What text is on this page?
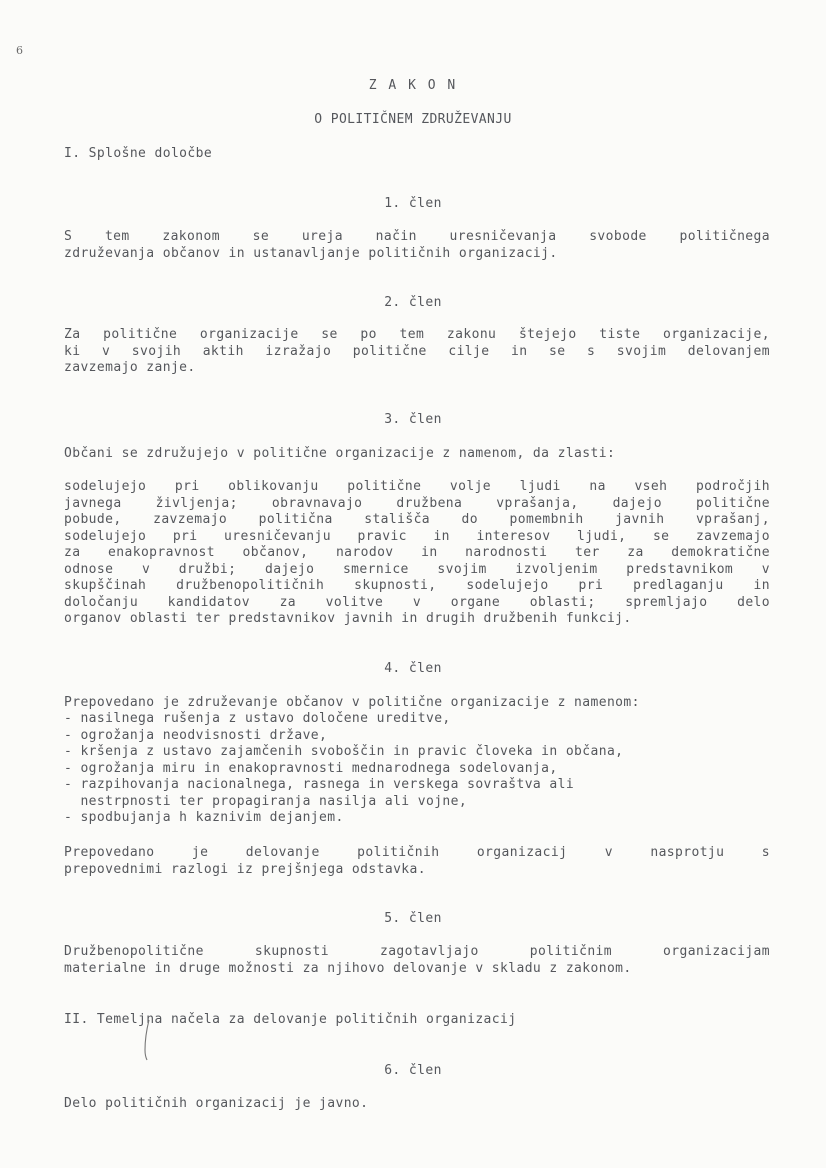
6
Z A K O N
O POLITIČNEM ZDRUŽEVANJU
I. Splošne določbe
1. člen
S tem zakonom se ureja način uresničevanja svobode političnega
združevanja občanov in ustanavljanje političnih organizacij.
2. člen
Za politične organizacije se po tem zakonu štejejo tiste organizacije,
ki v svojih aktih izražajo politične cilje in se s svojim delovanjem
zavzemajo zanje.
3. člen
Občani se združujejo v politične organizacije z namenom, da zlasti:
sodelujejo pri oblikovanju politične volje ljudi na vseh področjih
javnega življenja; obravnavajo družbena vprašanja, dajejo politične
pobude, zavzemajo politična stališča do pomembnih javnih vprašanj,
sodelujejo pri uresničevanju pravic in interesov ljudi, se zavzemajo
za enakopravnost občanov, narodov in narodnosti ter za demokratične
odnose v družbi; dajejo smernice svojim izvoljenim predstavnikom v
skupščinah družbenopolitičnih skupnosti, sodelujejo pri predlaganju in
določanju kandidatov za volitve v organe oblasti; spremljajo delo
organov oblasti ter predstavnikov javnih in drugih družbenih funkcij.
4. člen
Prepovedano je združevanje občanov v politične organizacije z namenom:
- nasilnega rušenja z ustavo določene ureditve,
- ogrožanja neodvisnosti države,
- kršenja z ustavo zajamčenih svoboščin in pravic človeka in občana,
- ogrožanja miru in enakopravnosti mednarodnega sodelovanja,
- razpihovanja nacionalnega, rasnega in verskega sovraštva ali
nestrpnosti ter propagiranja nasilja ali vojne,
- spodbujanja h kaznivim dejanjem.
Prepovedano je delovanje političnih organizacij v nasprotju s
prepovednimi razlogi iz prejšnjega odstavka.
5. člen
Družbenopolitične skupnosti zagotavljajo političnim organizacijam
materialne in druge možnosti za njihovo delovanje v skladu z zakonom.
II. Temeljna načela za delovanje političnih organizacij
6. člen
Delo političnih organizacij je javno.
